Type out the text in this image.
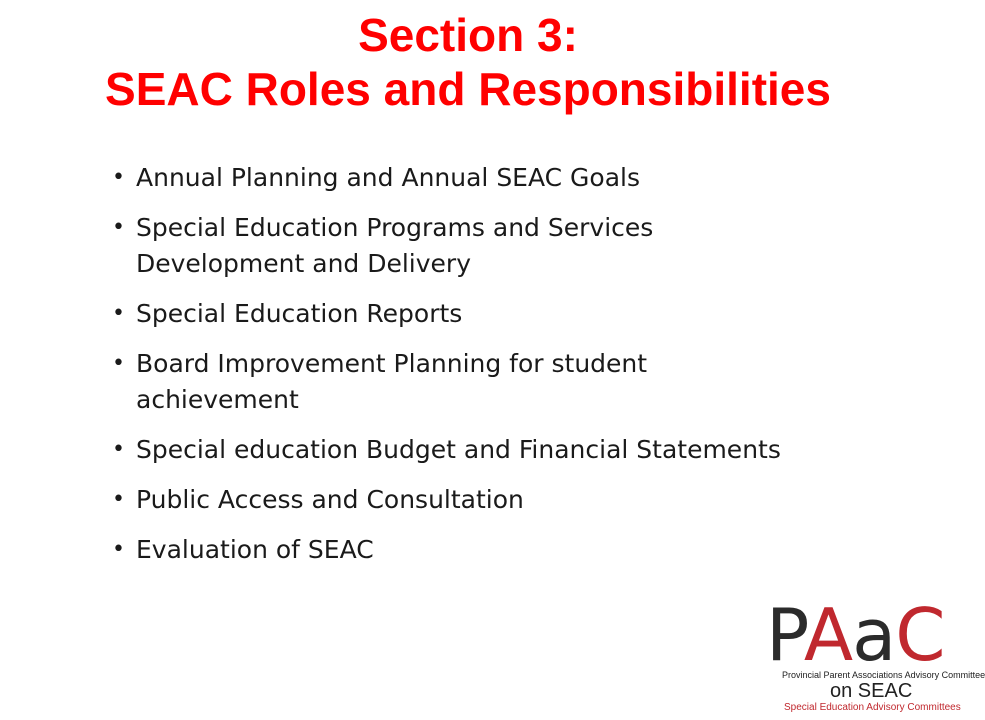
Section 3:
SEAC Roles and Responsibilities
• Annual Planning and Annual SEAC Goals
• Special Education Programs and Services Development and Delivery
• Special Education Reports
• Board Improvement Planning for student achievement
• Special education Budget and Financial Statements
• Public Access and Consultation
• Evaluation of SEAC
PAaC
Provincial Parent Associations Advisory Committee
on SEAC
Special Education Advisory Committees
